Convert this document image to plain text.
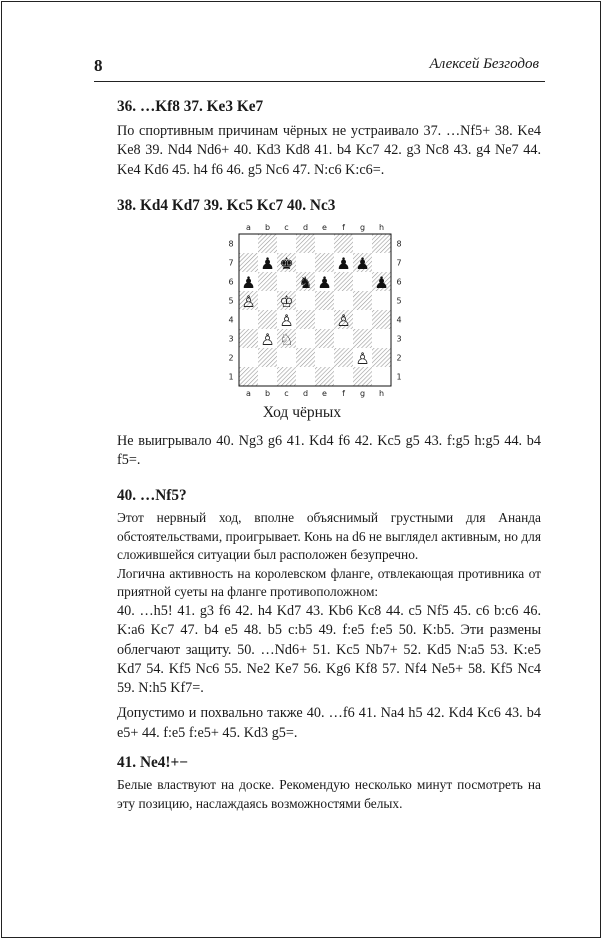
8	Алексей Безгодов
36. …Kf8 37. Ke3 Ke7

По спортивным причинам чёрных не устраивало 37. …Nf5+ 38. Ke4 Ke8 39. Nd4 Nd6+ 40. Kd3 Kd8 41. b4 Kc7 42. g3 Nc8 43. g4 Ne7 44. Ke4 Kd6 45. h4 f6 46. g5 Nc6 47. N:c6 K:c6=.

38. Kd4 Kd7 39. Kc5 Kc7 40. Nc3
a
a
b
b
c
c
d
d
e
e
f
f
g
g
h
h
8	8
7	7
6	6
5	5
4	4
3	3
2	2
1	1
♟ ♚	♟ ♟
♟	♞ ♟	♟
♙ ♔
♙	♙
♙ ♘
♙
Ход чёрных

Не выигрывало 40. Ng3 g6 41. Kd4 f6 42. Kc5 g5 43. f:g5 h:g5 44. b4 f5=.

40. …Nf5?

Этот нервный ход, вполне объяснимый грустными для Ананда обстоятельствами, проигрывает. Конь на d6 не выглядел активным, но для сложившейся ситуации был расположен безупречно.

Логична активность на королевском фланге, отвлекающая противника от приятной суеты на фланге противоположном:

40. …h5! 41. g3 f6 42. h4 Kd7 43. Kb6 Kc8 44. c5 Nf5 45. c6 b:c6 46. K:a6 Kc7 47. b4 e5 48. b5 c:b5 49. f:e5 f:e5 50. K:b5. Эти размены облегчают защиту. 50. …Nd6+ 51. Kc5 Nb7+ 52. Kd5 N:a5 53. K:e5 Kd7 54. Kf5 Nc6 55. Ne2 Ke7 56. Kg6 Kf8 57. Nf4 Ne5+ 58. Kf5 Nc4 59. N:h5 Kf7=.

Допустимо и похвально также 40. …f6 41. Na4 h5 42. Kd4 Kc6 43. b4 e5+ 44. f:e5 f:e5+ 45. Kd3 g5=.

41. Ne4!+−

Белые властвуют на доске. Рекомендую несколько минут посмотреть на эту позицию, наслаждаясь возможностями белых.
